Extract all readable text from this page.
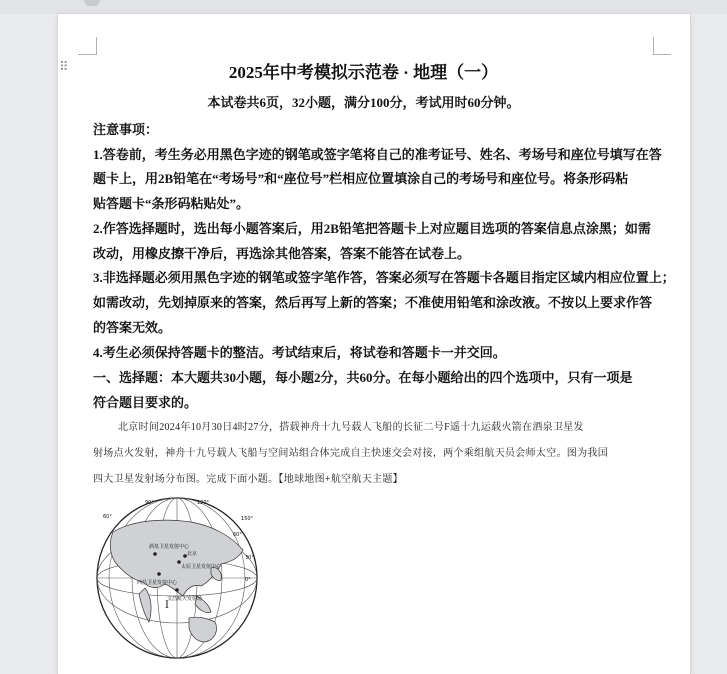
⠿	2025年中考模拟示范卷 · 地理（一）
本试卷共6页，32小题，满分100分，考试用时60分钟。
注意事项：
1.答卷前，考生务必用黑色字迹的钢笔或签字笔将自己的准考证号、姓名、考场号和座位号填写在答
题卡上，用2B铅笔在“考场号”和“座位号”栏相应位置填涂自己的考场号和座位号。将条形码粘
贴答题卡“条形码粘贴处”。
2.作答选择题时，选出每小题答案后，用2B铅笔把答题卡上对应题目选项的答案信息点涂黑；如需
改动，用橡皮擦干净后，再选涂其他答案，答案不能答在试卷上。
3.非选择题必须用黑色字迹的钢笔或签字笔作答，答案必须写在答题卡各题目指定区域内相应位置上；
如需改动，先划掉原来的答案，然后再写上新的答案；不准使用铅笔和涂改液。不按以上要求作答
的答案无效。
4.考生必须保持答题卡的整洁。考试结束后，将试卷和答题卡一并交回。
一、选择题：本大题共30小题，每小题2分，共60分。在每小题给出的四个选项中，只有一项是
符合题目要求的。
北京时间2024年10月30日4时27分，搭载神舟十九号载人飞船的长征二号F遥十九运载火箭在酒泉卫星发
射场点火发射，神舟十九号载人飞船与空间站组合体完成自主快速交会对接，两个乘组航天员会师太空。图为我国
四大卫星发射场分布图。完成下面小题。【地球地图+航空航天主题】
酒泉卫星发射中心
北京
太原卫星发射中心
西昌卫星发射中心
文昌航天发射场
60°
90°	120°
150°
0°
30°
60°
Ⅰ
